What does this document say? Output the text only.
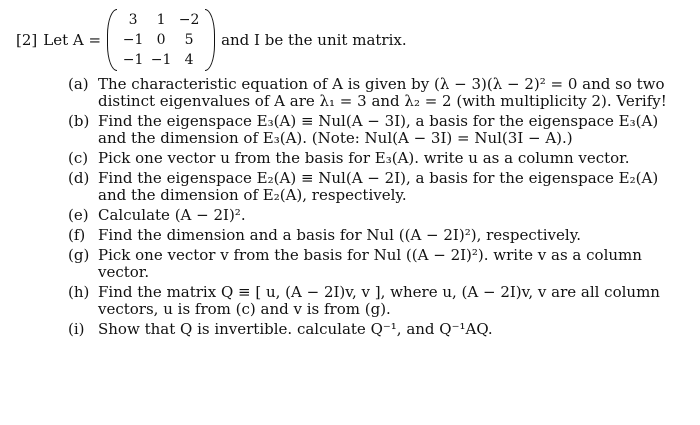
[2] Let A =
3 1 −2
−1 0 5
−1 −1 4
and I be the unit matrix.
(a) The characteristic equation of A is given by (λ − 3)(λ − 2)² = 0 and so two
distinct eigenvalues of A are λ₁ = 3 and λ₂ = 2 (with multiplicity 2). Verify!
(b) Find the eigenspace E₃(A) ≡ Nul(A − 3I), a basis for the eigenspace E₃(A)
and the dimension of E₃(A). (Note: Nul(A − 3I) = Nul(3I − A).)
(c) Pick one vector u from the basis for E₃(A). write u as a column vector.
(d) Find the eigenspace E₂(A) ≡ Nul(A − 2I), a basis for the eigenspace E₂(A)
and the dimension of E₂(A), respectively.
(e) Calculate (A − 2I)².
(f) Find the dimension and a basis for Nul ((A − 2I)²), respectively.
(g) Pick one vector v from the basis for Nul ((A − 2I)²). write v as a column
vector.
(h) Find the matrix Q ≡ [ u, (A − 2I)v, v ], where u, (A − 2I)v, v are all column
vectors, u is from (c) and v is from (g).
(i) Show that Q is invertible. calculate Q⁻¹, and Q⁻¹AQ.
